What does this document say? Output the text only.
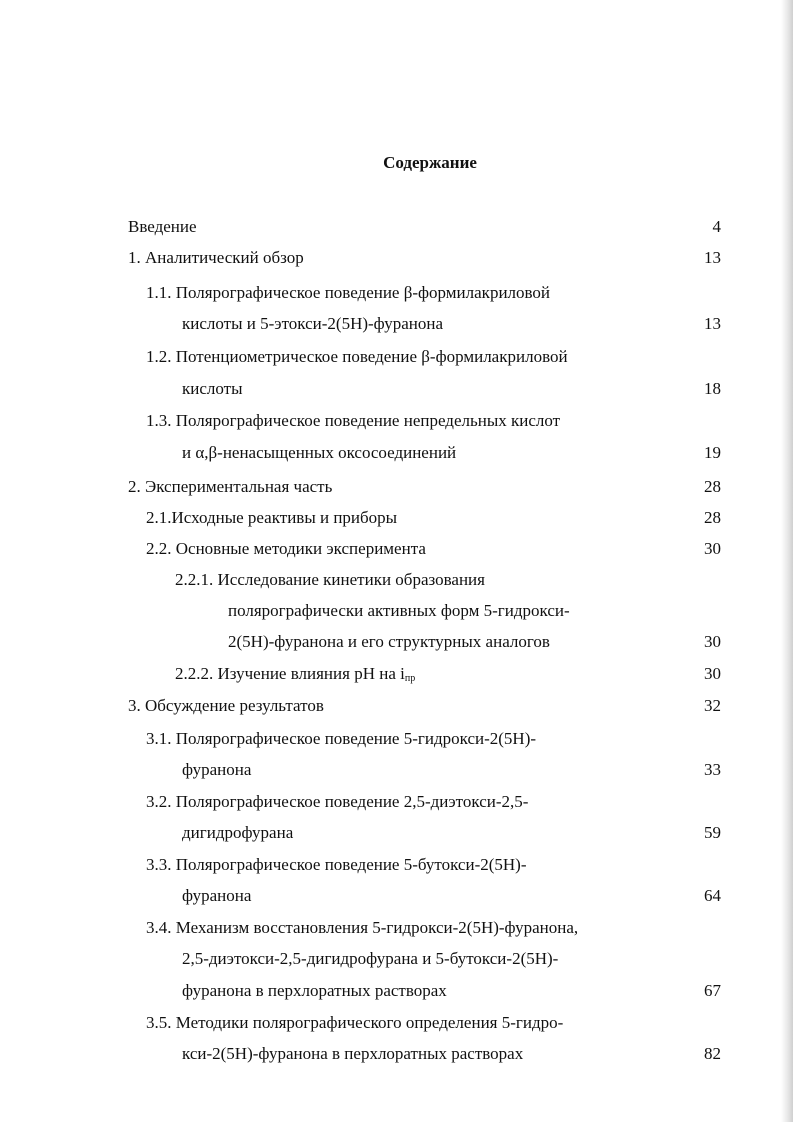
Содержание
Введение	4
1. Аналитический обзор	13
1.1. Полярографическое поведение β-формилакриловой
кислоты и 5-этокси-2(5Н)-фуранона	13
1.2. Потенциометрическое поведение β-формилакриловой
кислоты	18
1.3. Полярографическое поведение непредельных кислот
и α,β-ненасыщенных оксосоединений	19
2. Экспериментальная часть	28
2.1.Исходные реактивы и приборы	28
2.2. Основные методики эксперимента	30
2.2.1. Исследование кинетики образования
полярографически активных форм 5-гидрокси-
2(5Н)-фуранона и его структурных аналогов	30
2.2.2. Изучение влияния рН на $i_{пр}$	30
3. Обсуждение результатов	32
3.1. Полярографическое поведение 5-гидрокси-2(5Н)-
фуранона	33
3.2. Полярографическое поведение 2,5-диэтокси-2,5-
дигидрофурана	59
3.3. Полярографическое поведение 5-бутокси-2(5Н)-
фуранона	64
3.4. Механизм восстановления 5-гидрокси-2(5Н)-фуранона,
2,5-диэтокси-2,5-дигидрофурана и 5-бутокси-2(5Н)-
фуранона в перхлоратных растворах	67
3.5. Методики полярографического определения 5-гидро-
кси-2(5Н)-фуранона в перхлоратных растворах	82
